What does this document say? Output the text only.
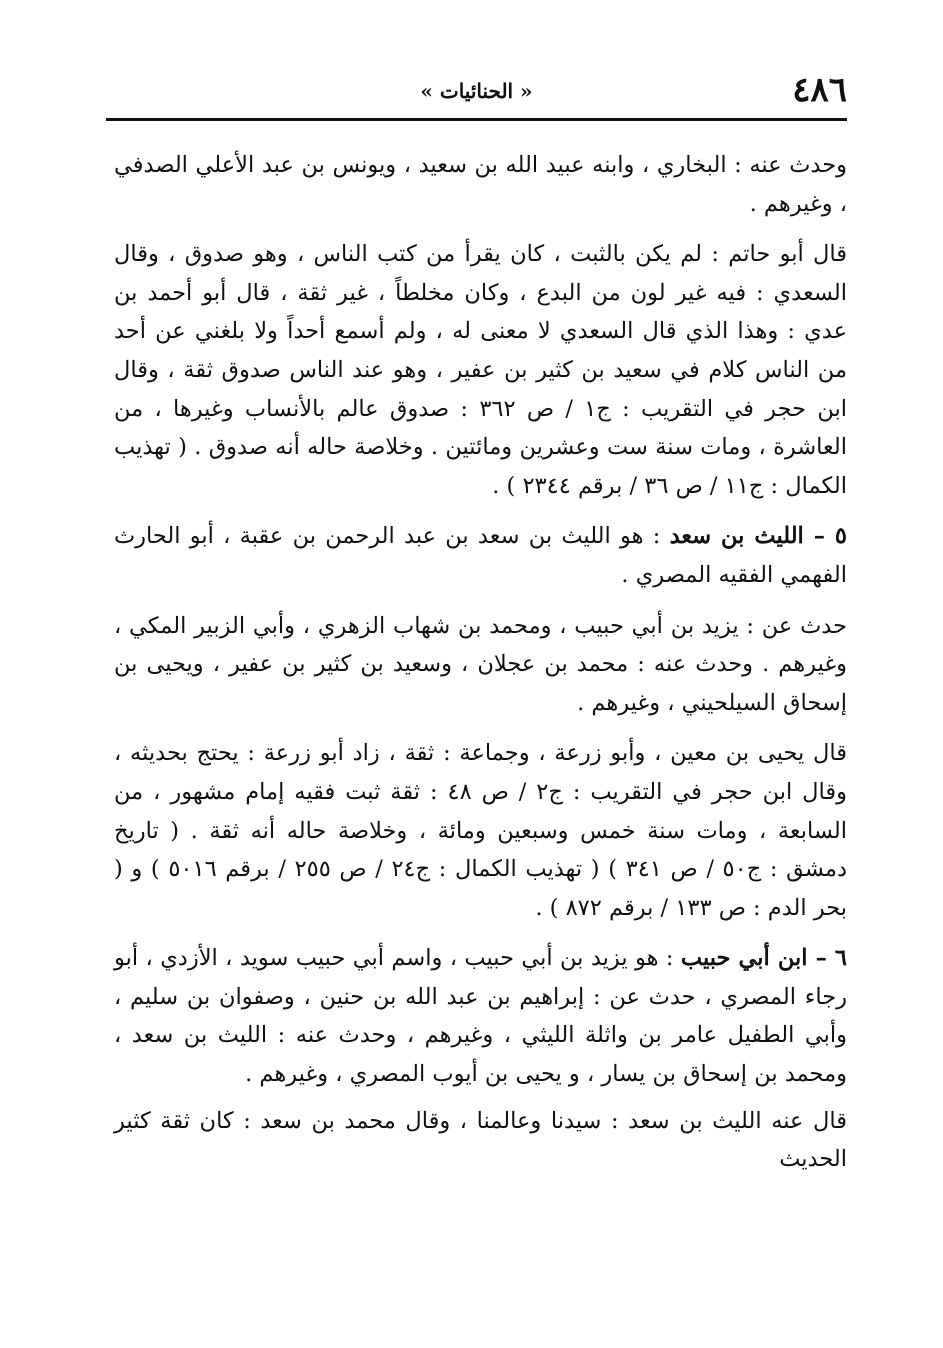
٤٨٦
« الحنائيات »

وحدث عنه : البخاري ، وابنه عبيد الله بن سعيد ، ويونس بن عبد الأعلي الصدفي ، وغيرهم .

قال أبو حاتم : لم يكن بالثبت ، كان يقرأ من كتب الناس ، وهو صدوق ، وقال السعدي : فيه غير لون من البدع ، وكان مخلطاً ، غير ثقة ، قال أبو أحمد بن عدي : وهذا الذي قال السعدي لا معنى له ، ولم أسمع أحداً ولا بلغني عن أحد من الناس كلام في سعيد بن كثير بن عفير ، وهو عند الناس صدوق ثقة ، وقال ابن حجر في التقريب : ج١ / ص ٣٦٢ : صدوق عالم بالأنساب وغيرها ، من العاشرة ، ومات سنة ست وعشرين ومائتين . وخلاصة حاله أنه صدوق . ( تهذيب الكمال : ج١١ / ص ٣٦ / برقم ٢٣٤٤ ) .

٥ – الليث بن سعد : هو الليث بن سعد بن عبد الرحمن بن عقبة ، أبو الحارث الفهمي الفقيه المصري .

حدث عن : يزيد بن أبي حبيب ، ومحمد بن شهاب الزهري ، وأبي الزبير المكي ، وغيرهم . وحدث عنه : محمد بن عجلان ، وسعيد بن كثير بن عفير ، ويحيى بن إسحاق السيلحيني ، وغيرهم .

قال يحيى بن معين ، وأبو زرعة ، وجماعة : ثقة ، زاد أبو زرعة : يحتج بحديثه ، وقال ابن حجر في التقريب : ج٢ / ص ٤٨ : ثقة ثبت فقيه إمام مشهور ، من السابعة ، ومات سنة خمس وسبعين ومائة ، وخلاصة حاله أنه ثقة . ( تاريخ دمشق : ج٥٠ / ص ٣٤١ ) ( تهذيب الكمال : ج٢٤ / ص ٢٥٥ / برقم ٥٠١٦ ) و ( بحر الدم : ص ١٣٣ / برقم ٨٧٢ ) .

٦ – ابن أبي حبيب : هو يزيد بن أبي حبيب ، واسم أبي حبيب سويد ، الأزدي ، أبو رجاء المصري ، حدث عن : إبراهيم بن عبد الله بن حنين ، وصفوان بن سليم ، وأبي الطفيل عامر بن واثلة الليثي ، وغيرهم ، وحدث عنه : الليث بن سعد ، ومحمد بن إسحاق بن يسار ، و يحيى بن أيوب المصري ، وغيرهم .

قال عنه الليث بن سعد : سيدنا وعالمنا ، وقال محمد بن سعد : كان ثقة كثير الحديث
